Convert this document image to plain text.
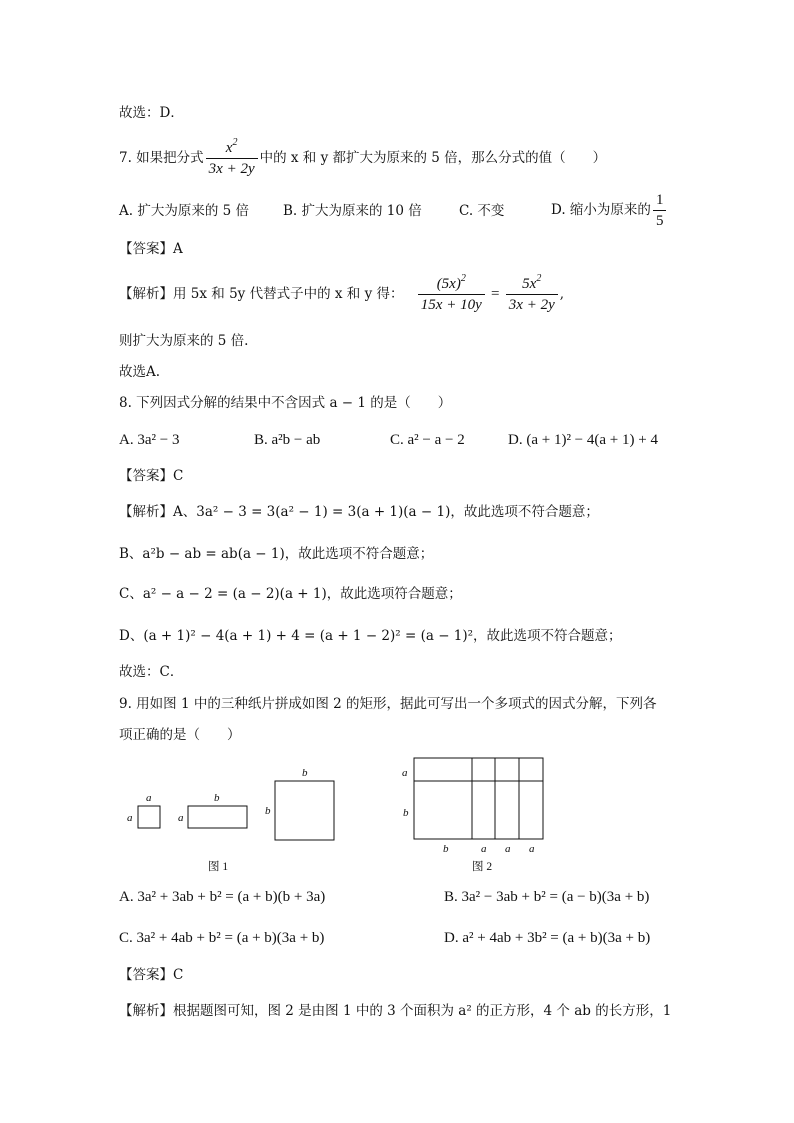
故选：D．
7. 如果把分式 $\frac{x^2}{3x + 2y}$ 中的 x 和 y 都扩大为原来的 5 倍，那么分式的值（　　）
A. 扩大为原来的 5 倍	B. 扩大为原来的 10 倍	C. 不变	D. 缩小为原来的 $\frac{1}{5}$
【答案】A
【解析】用 5x 和 5y 代替式子中的 x 和 y 得： $\frac{(5x)^2}{15x + 10y} = \frac{5x^2}{3x + 2y}$ ,
则扩大为原来的 5 倍.
故选A.
8. 下列因式分解的结果中不含因式 a − 1 的是（　　）
A. 3a² − 3	B. a²b − ab	C. a² − a − 2	D. (a + 1)² − 4(a + 1) + 4
【答案】C
【解析】A、3a² − 3 = 3(a² − 1) = 3(a + 1)(a − 1)，故此选项不符合题意；
B、a²b − ab = ab(a − 1)，故此选项不符合题意；
C、a² − a − 2 = (a − 2)(a + 1)，故此选项符合题意；
D、(a + 1)² − 4(a + 1) + 4 = (a + 1 − 2)² = (a − 1)²，故此选项不符合题意；
故选：C．
9. 用如图 1 中的三种纸片拼成如图 2 的矩形，据此可写出一个多项式的因式分解，下列各
项正确的是（　　）
a
a
b
a
b
b
图 1
a
b
b	a a a
图 2
A. 3a² + 3ab + b² = (a + b)(b + 3a)	B. 3a² − 3ab + b² = (a − b)(3a + b)
C. 3a² + 4ab + b² = (a + b)(3a + b)	D. a² + 4ab + 3b² = (a + b)(3a + b)
【答案】C
【解析】根据题图可知，图 2 是由图 1 中的 3 个面积为 a² 的正方形，4 个 ab 的长方形，1
